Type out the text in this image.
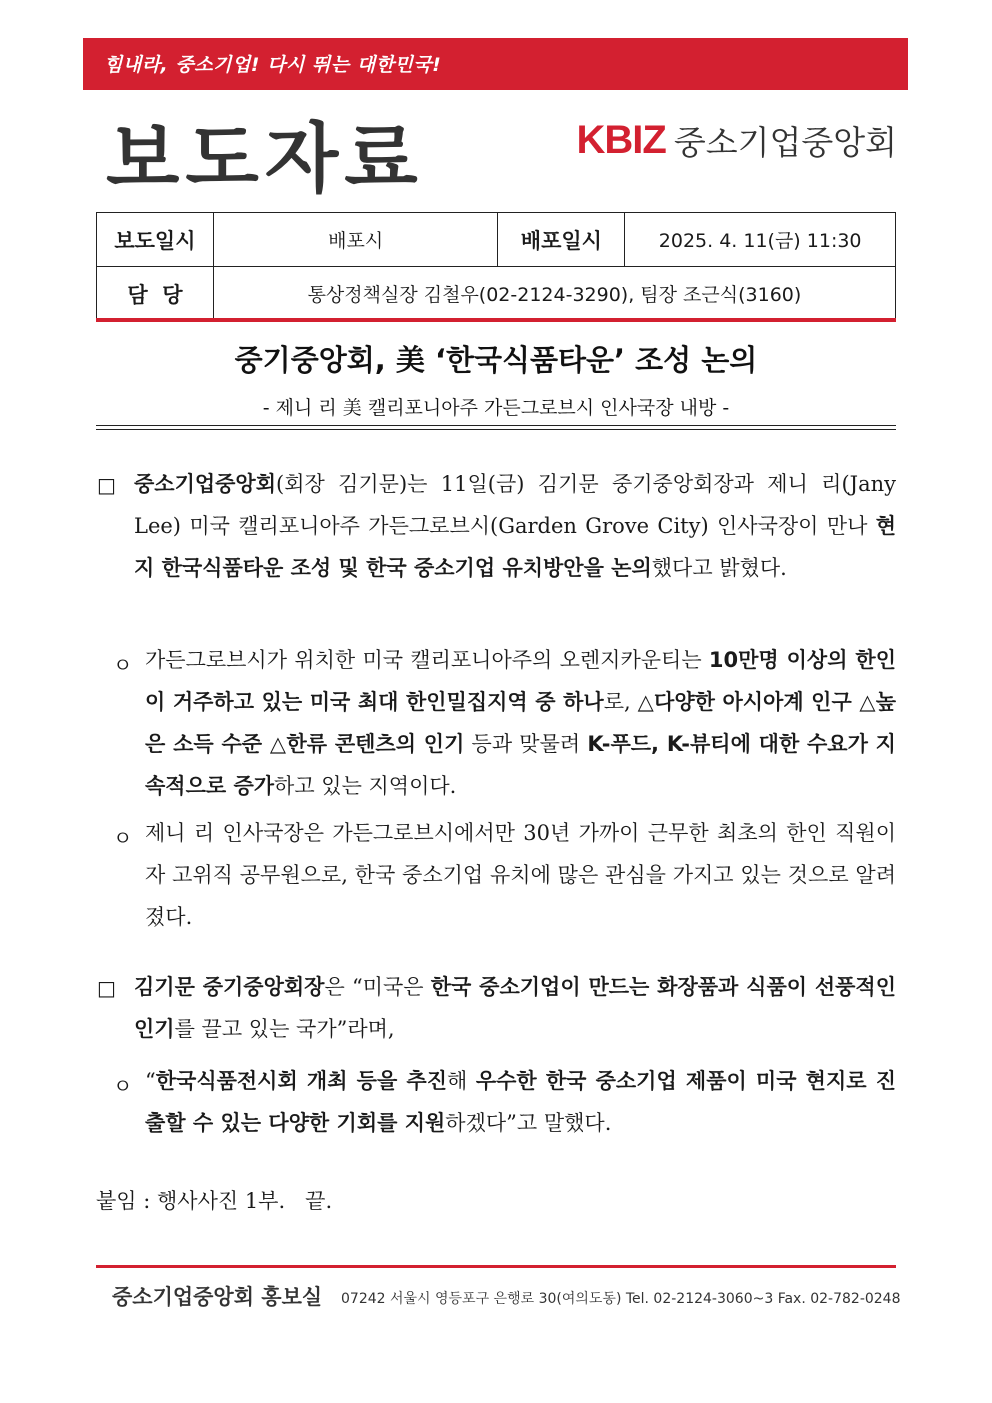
힘내라, 중소기업! 다시 뛰는 대한민국!
보도자료	KBIZ 중소기업중앙회
보도일시	배포시	배포일시	2025. 4. 11(금) 11:30
담  당	통상정책실장 김철우(02-2124-3290), 팀장 조근식(3160)		
중기중앙회, 美 ‘한국식품타운’ 조성 논의
- 제니 리 美 캘리포니아주 가든그로브시 인사국장 내방 -
□ 중소기업중앙회(회장 김기문)는 11일(금) 김기문 중기중앙회장과 제니 리(Jany Lee) 미국 캘리포니아주 가든그로브시(Garden Grove City) 인사국장이 만나 현지 한국식품타운 조성 및 한국 중소기업 유치방안을 논의했다고 밝혔다.
ㅇ 가든그로브시가 위치한 미국 캘리포니아주의 오렌지카운티는 10만명 이상의 한인이 거주하고 있는 미국 최대 한인밀집지역 중 하나로, △다양한 아시아계 인구 △높은 소득 수준 △한류 콘텐츠의 인기 등과 맞물려 K-푸드, K-뷰티에 대한 수요가 지속적으로 증가하고 있는 지역이다.
ㅇ 제니 리 인사국장은 가든그로브시에서만 30년 가까이 근무한 최초의 한인 직원이자 고위직 공무원으로, 한국 중소기업 유치에 많은 관심을 가지고 있는 것으로 알려졌다.
□ 김기문 중기중앙회장은 “미국은 한국 중소기업이 만드는 화장품과 식품이 선풍적인 인기를 끌고 있는 국가”라며,
ㅇ “한국식품전시회 개최 등을 추진해 우수한 한국 중소기업 제품이 미국 현지로 진출할 수 있는 다양한 기회를 지원하겠다”고 말했다.
붙임 : 행사사진 1부.   끝.
중소기업중앙회 홍보실 07242 서울시 영등포구 은행로 30(여의도동) Tel. 02-2124-3060~3 Fax. 02-782-0248
